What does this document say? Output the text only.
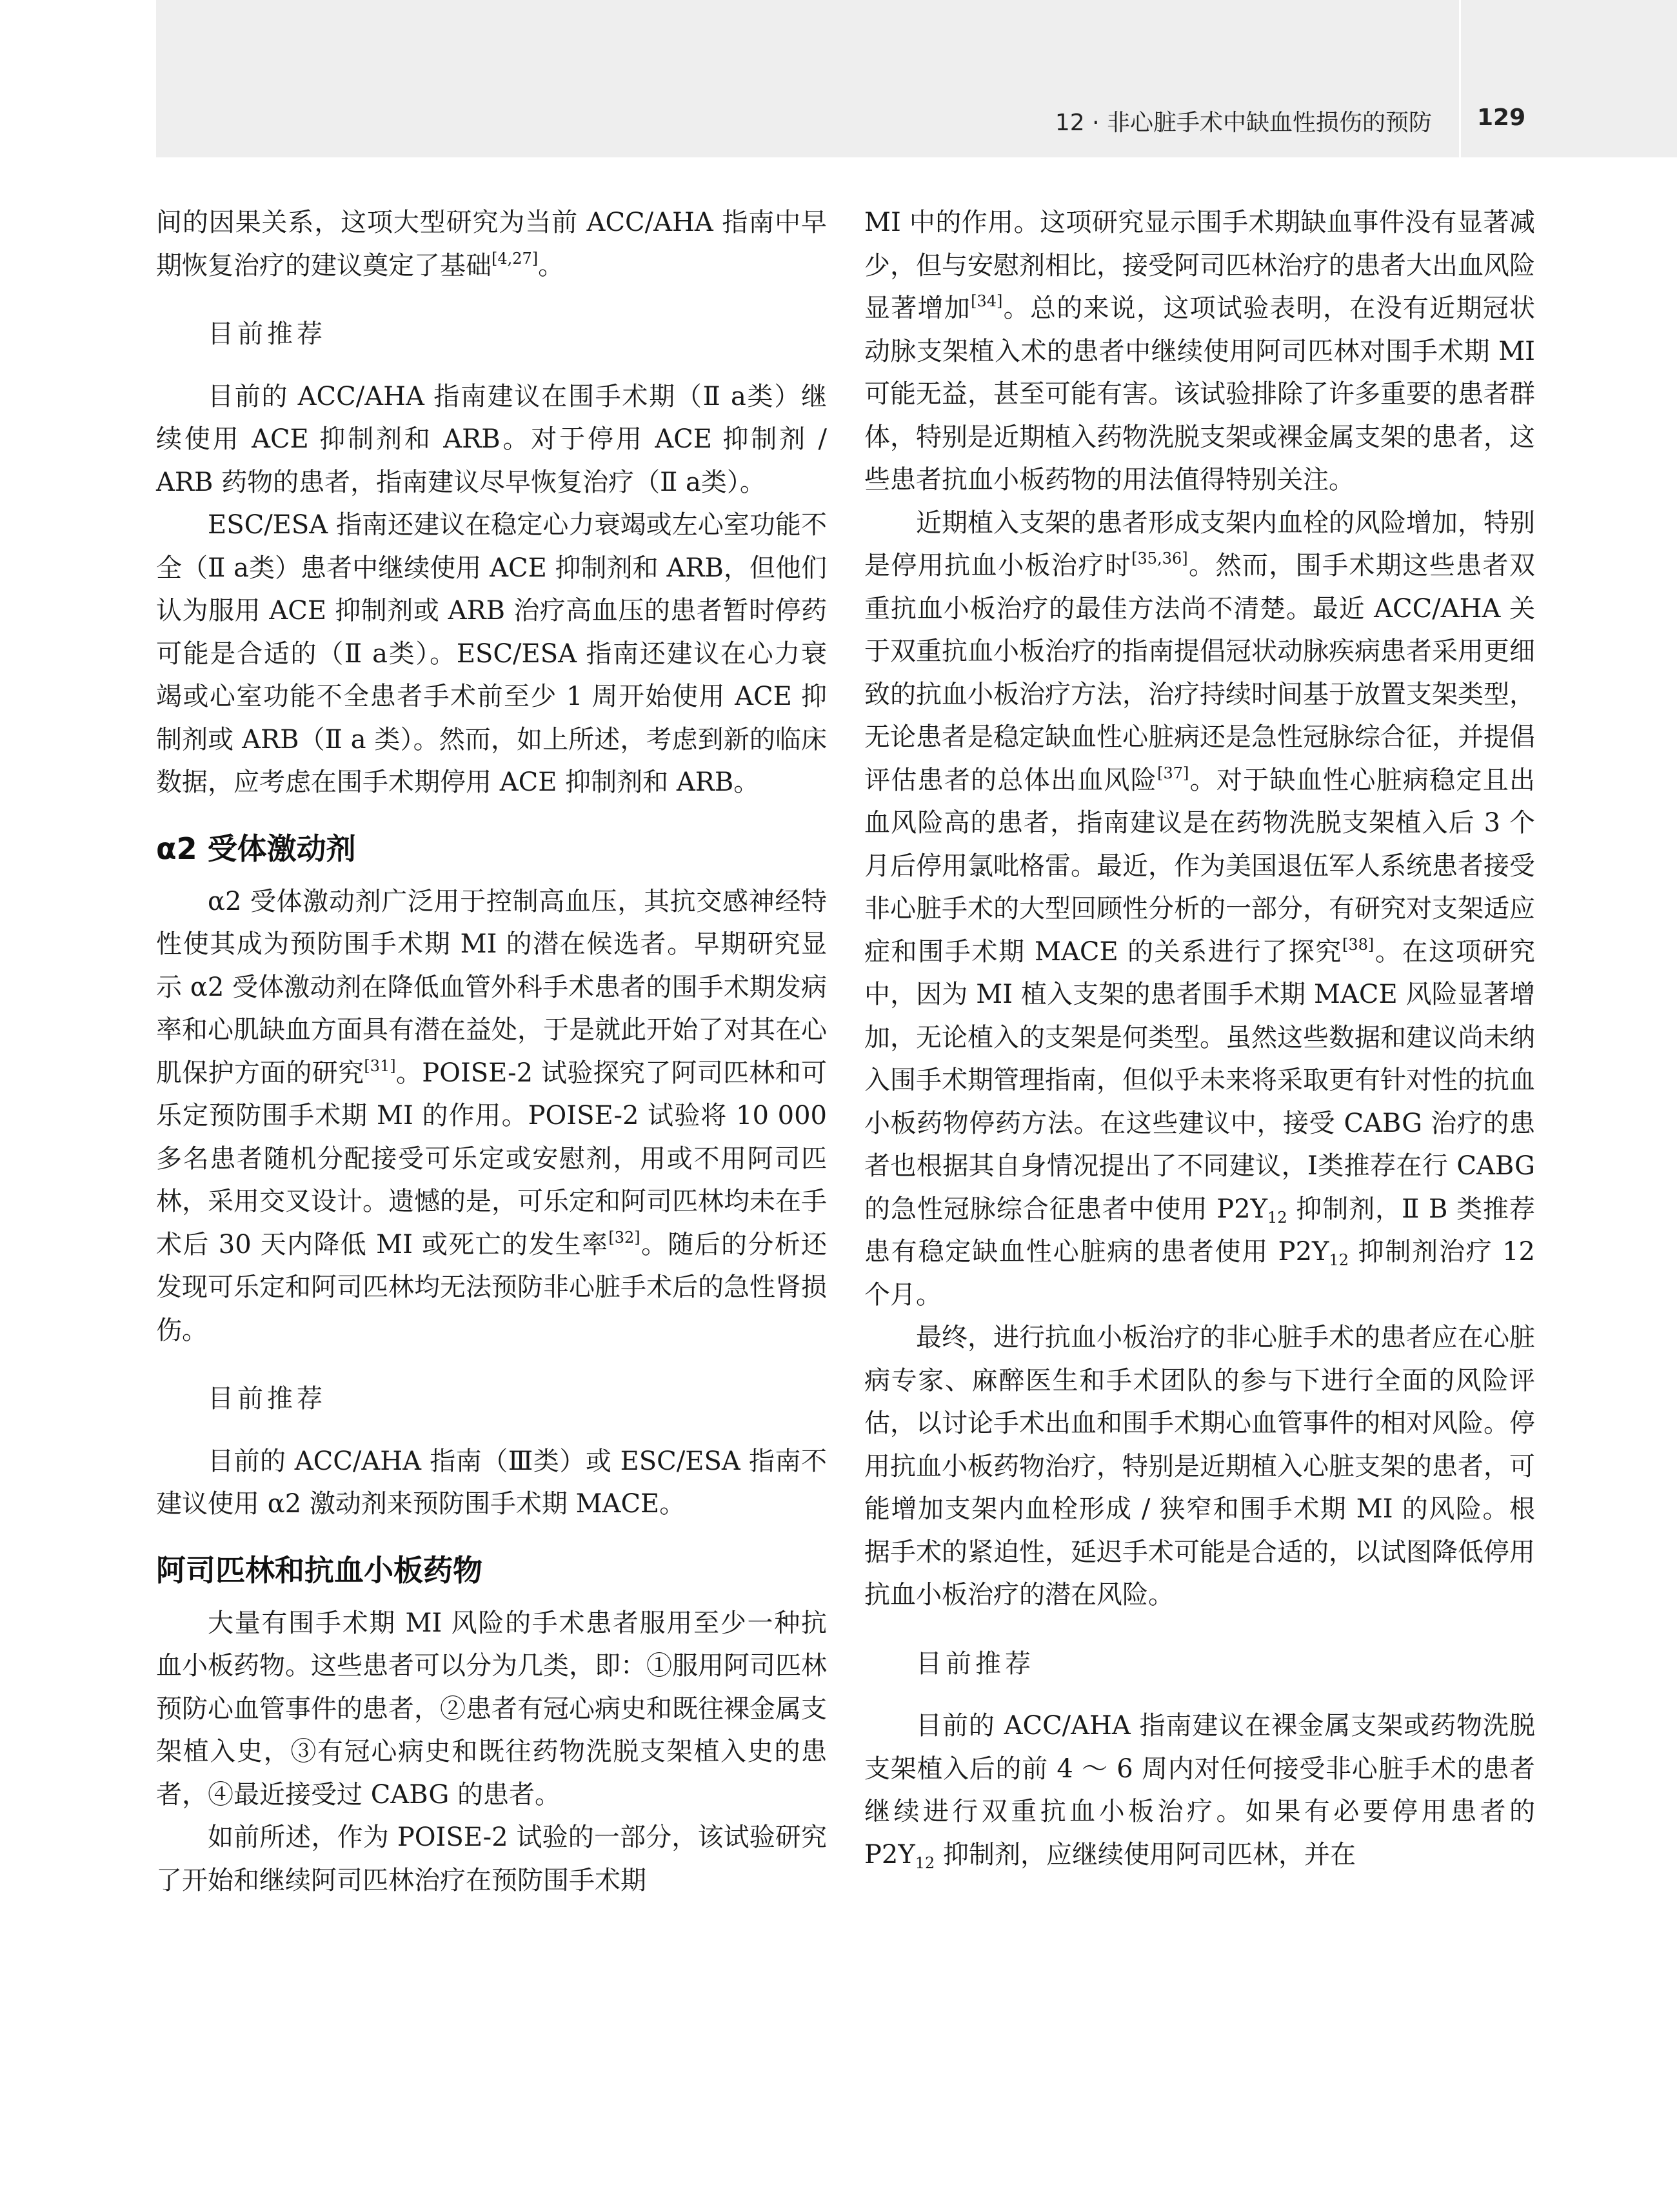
12 · 非心脏手术中缺血性损伤的预防 129

间的因果关系，这项大型研究为当前 ACC/AHA 指南中早期恢复治疗的建议奠定了基础[4,27]。

目前推荐

目前的 ACC/AHA 指南建议在围手术期（Ⅱ a类）继续使用 ACE 抑制剂和 ARB。对于停用 ACE 抑制剂 / ARB 药物的患者，指南建议尽早恢复治疗（Ⅱ a类）。

ESC/ESA 指南还建议在稳定心力衰竭或左心室功能不全（Ⅱ a类）患者中继续使用 ACE 抑制剂和 ARB，但他们认为服用 ACE 抑制剂或 ARB 治疗高血压的患者暂时停药可能是合适的（Ⅱ a类）。ESC/ESA 指南还建议在心力衰竭或心室功能不全患者手术前至少 1 周开始使用 ACE 抑制剂或 ARB（Ⅱ a 类）。然而，如上所述，考虑到新的临床数据，应考虑在围手术期停用 ACE 抑制剂和 ARB。

α2 受体激动剂

α2 受体激动剂广泛用于控制高血压，其抗交感神经特性使其成为预防围手术期 MI 的潜在候选者。早期研究显示 α2 受体激动剂在降低血管外科手术患者的围手术期发病率和心肌缺血方面具有潜在益处，于是就此开始了对其在心肌保护方面的研究[31]。POISE-2 试验探究了阿司匹林和可乐定预防围手术期 MI 的作用。POISE-2 试验将 10 000 多名患者随机分配接受可乐定或安慰剂，用或不用阿司匹林，采用交叉设计。遗憾的是，可乐定和阿司匹林均未在手术后 30 天内降低 MI 或死亡的发生率[32]。随后的分析还发现可乐定和阿司匹林均无法预防非心脏手术后的急性肾损伤。

目前推荐

目前的 ACC/AHA 指南（Ⅲ类）或 ESC/ESA 指南不建议使用 α2 激动剂来预防围手术期 MACE。

阿司匹林和抗血小板药物

大量有围手术期 MI 风险的手术患者服用至少一种抗血小板药物。这些患者可以分为几类，即：①服用阿司匹林预防心血管事件的患者，②患者有冠心病史和既往裸金属支架植入史，③有冠心病史和既往药物洗脱支架植入史的患者，④最近接受过 CABG 的患者。

如前所述，作为 POISE-2 试验的一部分，该试验研究了开始和继续阿司匹林治疗在预防围手术期

MI 中的作用。这项研究显示围手术期缺血事件没有显著减少，但与安慰剂相比，接受阿司匹林治疗的患者大出血风险显著增加[34]。总的来说，这项试验表明，在没有近期冠状动脉支架植入术的患者中继续使用阿司匹林对围手术期 MI 可能无益，甚至可能有害。该试验排除了许多重要的患者群体，特别是近期植入药物洗脱支架或裸金属支架的患者，这些患者抗血小板药物的用法值得特别关注。

近期植入支架的患者形成支架内血栓的风险增加，特别是停用抗血小板治疗时[35,36]。然而，围手术期这些患者双重抗血小板治疗的最佳方法尚不清楚。最近 ACC/AHA 关于双重抗血小板治疗的指南提倡冠状动脉疾病患者采用更细致的抗血小板治疗方法，治疗持续时间基于放置支架类型，无论患者是稳定缺血性心脏病还是急性冠脉综合征，并提倡评估患者的总体出血风险[37]。对于缺血性心脏病稳定且出血风险高的患者，指南建议是在药物洗脱支架植入后 3 个月后停用氯吡格雷。最近，作为美国退伍军人系统患者接受非心脏手术的大型回顾性分析的一部分，有研究对支架适应症和围手术期 MACE 的关系进行了探究[38]。在这项研究中，因为 MI 植入支架的患者围手术期 MACE 风险显著增加，无论植入的支架是何类型。虽然这些数据和建议尚未纳入围手术期管理指南，但似乎未来将采取更有针对性的抗血小板药物停药方法。在这些建议中，接受 CABG 治疗的患者也根据其自身情况提出了不同建议，Ⅰ类推荐在行 CABG 的急性冠脉综合征患者中使用 $P2Y_{12}$ 抑制剂，Ⅱ B 类推荐患有稳定缺血性心脏病的患者使用 $P2Y_{12}$ 抑制剂治疗 12 个月。

最终，进行抗血小板治疗的非心脏手术的患者应在心脏病专家、麻醉医生和手术团队的参与下进行全面的风险评估，以讨论手术出血和围手术期心血管事件的相对风险。停用抗血小板药物治疗，特别是近期植入心脏支架的患者，可能增加支架内血栓形成 / 狭窄和围手术期 MI 的风险。根据手术的紧迫性，延迟手术可能是合适的，以试图降低停用抗血小板治疗的潜在风险。

目前推荐

目前的 ACC/AHA 指南建议在裸金属支架或药物洗脱支架植入后的前 4 ～ 6 周内对任何接受非心脏手术的患者继续进行双重抗血小板治疗。如果有必要停用患者的 $P2Y_{12}$ 抑制剂，应继续使用阿司匹林，并在
